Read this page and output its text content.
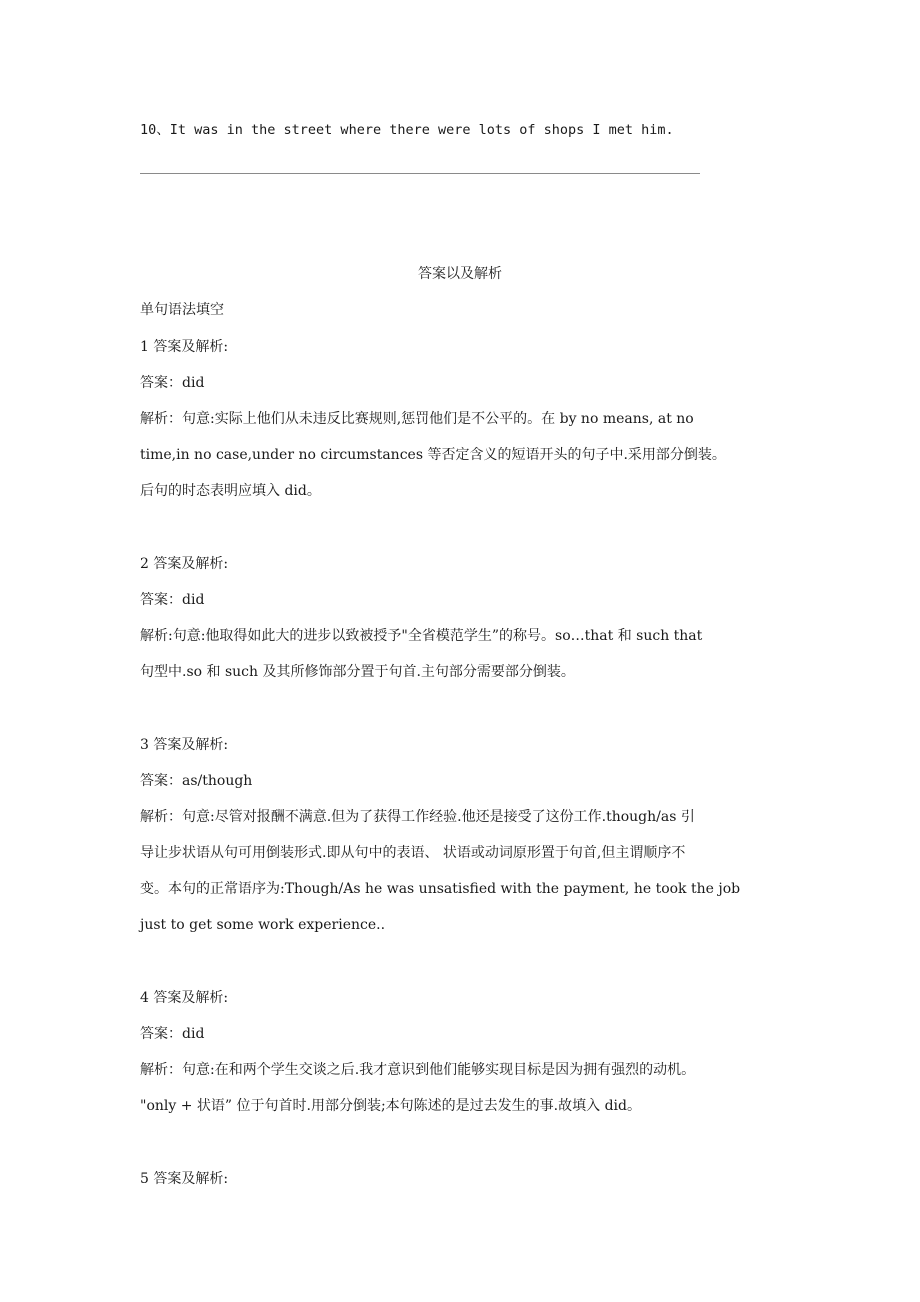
10、It was in the street where there were lots of shops I met him.
答案以及解析
单句语法填空
1 答案及解析:
答案：did
解析：句意:实际上他们从未违反比赛规则,惩罚他们是不公平的。在 by no means, at no
time,in no case,under no circumstances 等否定含义的短语开头的句子中.采用部分倒装。
后句的时态表明应填入 did。
2 答案及解析:
答案：did
解析:句意:他取得如此大的进步以致被授予"全省模范学生”的称号。so…that 和 such that
句型中.so 和 such 及其所修饰部分置于句首.主句部分需要部分倒装。
3 答案及解析:
答案：as/though
解析：句意:尽管对报酬不满意.但为了获得工作经验.他还是接受了这份工作.though/as 引
导让步状语从句可用倒装形式.即从句中的表语、 状语或动词原形置于句首,但主谓顺序不
变。本句的正常语序为:Though/As he was unsatisfied with the payment, he took the job
just to get some work experience..
4 答案及解析:
答案：did
解析：句意:在和两个学生交谈之后.我才意识到他们能够实现目标是因为拥有强烈的动机。
"only + 状语” 位于句首时.用部分倒装;本句陈述的是过去发生的事.故填入 did。
5 答案及解析:
